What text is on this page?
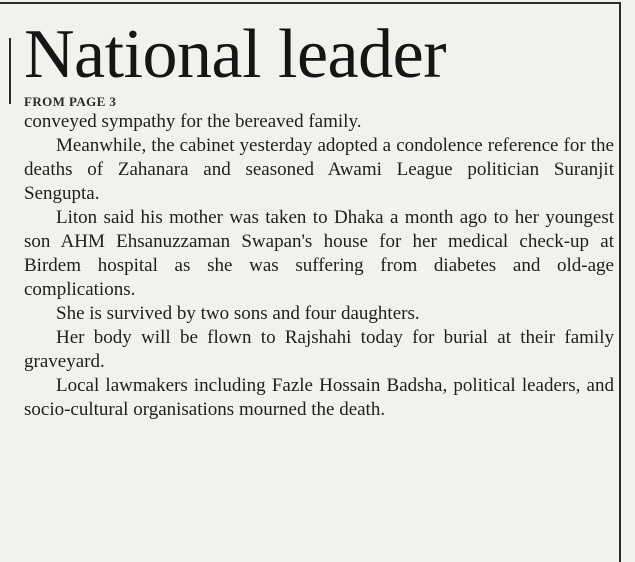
National leader
FROM PAGE 3

conveyed sympathy for the bereaved family.

Meanwhile, the cabinet yesterday adopted a condolence reference for the deaths of Zahanara and seasoned Awami League politician Suranjit Sengupta.

Liton said his mother was taken to Dhaka a month ago to her youngest son AHM Ehsanuzzaman Swapan's house for her medical check-up at Birdem hospital as she was suffering from diabetes and old-age complications.

She is survived by two sons and four daughters.

Her body will be flown to Rajshahi today for burial at their family graveyard.

Local lawmakers including Fazle Hossain Badsha, political leaders, and socio-cultural organisations mourned the death.
